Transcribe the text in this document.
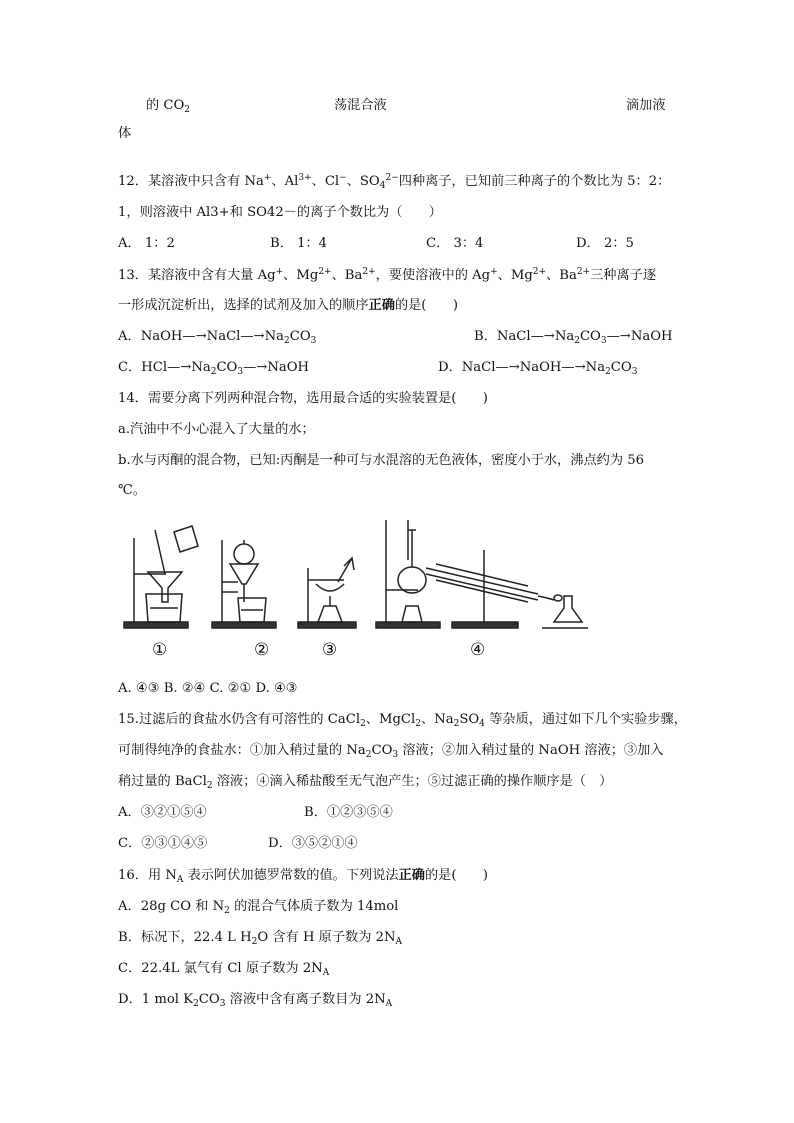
的 $CO_2$	荡混合液	滴加液
体
12．某溶液中只含有 Na+、$Al^{3+}$、Cl−、$SO_4^{2-}$四种离子，已知前三种离子的个数比为 5：2：
1，则溶液中 Al3+和 SO42－的离子个数比为（　　）
A． 1：2	B． 1：4	C． 3：4	D． 2：5
13．某溶液中含有大量 Ag+、$Mg^{2+}$、$Ba^{2+}$，要使溶液中的 Ag+、$Mg^{2+}$、$Ba^{2+}$三种离子逐
一形成沉淀析出，选择的试剂及加入的顺序正确的是(　　)
A．$NaOH—\to NaCl—\to Na_2CO_3$	B．$NaCl—\to Na_2CO_3—\to NaOH$
C．$HCl—\to Na_2CO_3—\to NaOH$	D．$NaCl—\to NaOH—\to Na_2CO_3$
14．需要分离下列两种混合物，选用最合适的实验装置是(　　)
a.汽油中不小心混入了大量的水；
b.水与丙酮的混合物，已知:丙酮是一种可与水混溶的无色液体，密度小于水，沸点约为 56
℃。
①	②	③	④
A. ④③ B. ②④ C. ②① D. ④③
15.过滤后的食盐水仍含有可溶性的 CaCl$_2$、MgCl$_2$、$Na_2SO_4$ 等杂质，通过如下几个实验步骤，
可制得纯净的食盐水：①加入稍过量的 $Na_2CO_3$ 溶液；②加入稍过量的 NaOH 溶液；③加入
稍过量的 BaCl$_2$ 溶液；④滴入稀盐酸至无气泡产生；⑤过滤正确的操作顺序是（　）
A．③②①⑤④	B．①②③⑤④
C．②③①④⑤	D．③⑤②①④
16．用 $N_A$ 表示阿伏加德罗常数的值。下列说法正确的是(　　)
A．28g CO 和 $N_2$ 的混合气体质子数为 14mol
B．标况下，22.4 L $H_2O$ 含有 H 原子数为 $2N_A$
C．22.4L 氯气有 Cl 原子数为 $2N_A$
D．1 mol $K_2CO_3$ 溶液中含有离子数目为 $2N_A$
